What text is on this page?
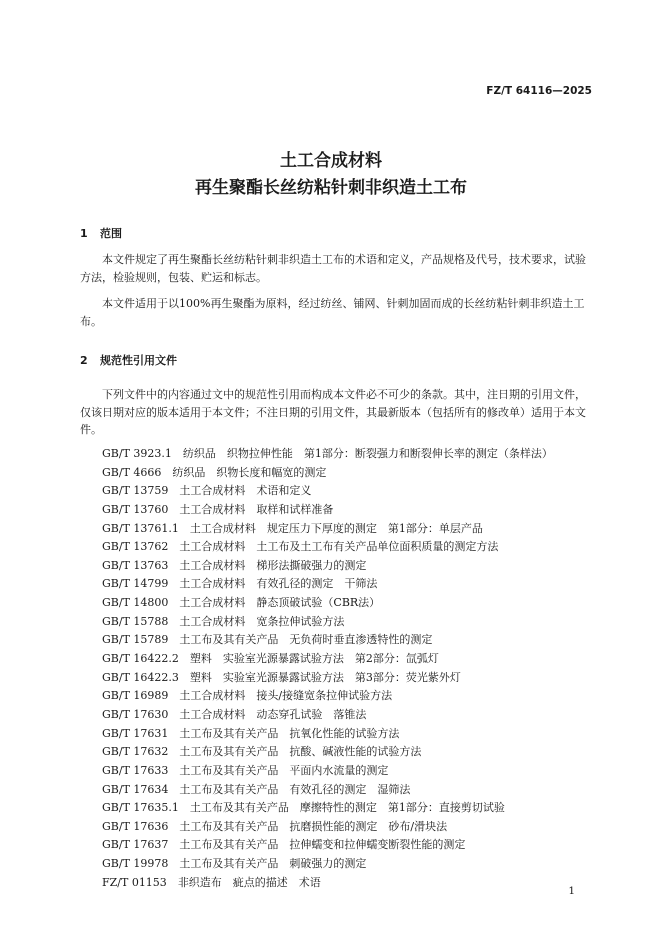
FZ/T 64116—2025
土工合成材料
再生聚酯长丝纺粘针刺非织造土工布
1 范围

本文件规定了再生聚酯长丝纺粘针刺非织造土工布的术语和定义，产品规格及代号，技术要求，试验方法，检验规则，包装、贮运和标志。

本文件适用于以100%再生聚酯为原料，经过纺丝、铺网、针刺加固而成的长丝纺粘针刺非织造土工布。

2 规范性引用文件

下列文件中的内容通过文中的规范性引用而构成本文件必不可少的条款。其中，注日期的引用文件，仅该日期对应的版本适用于本文件；不注日期的引用文件，其最新版本（包括所有的修改单）适用于本文件。

GB/T 3923.1　 纺织品　织物拉伸性能　第1部分：断裂强力和断裂伸长率的测定（条样法）
GB/T 4666　 纺织品　织物长度和幅宽的测定
GB/T 13759　 土工合成材料　术语和定义
GB/T 13760　 土工合成材料　取样和试样准备
GB/T 13761.1　 土工合成材料　规定压力下厚度的测定　第1部分：单层产品
GB/T 13762　 土工合成材料　土工布及土工布有关产品单位面积质量的测定方法
GB/T 13763　 土工合成材料　梯形法撕破强力的测定
GB/T 14799　 土工合成材料　有效孔径的测定　干筛法
GB/T 14800　 土工合成材料　静态顶破试验（CBR法）
GB/T 15788　 土工合成材料　宽条拉伸试验方法
GB/T 15789　 土工布及其有关产品　无负荷时垂直渗透特性的测定
GB/T 16422.2　 塑料　实验室光源暴露试验方法　第2部分：氙弧灯
GB/T 16422.3　 塑料　实验室光源暴露试验方法　第3部分：荧光紫外灯
GB/T 16989　 土工合成材料　接头/接缝宽条拉伸试验方法
GB/T 17630　 土工合成材料　动态穿孔试验　落锥法
GB/T 17631　 土工布及其有关产品　抗氧化性能的试验方法
GB/T 17632　 土工布及其有关产品　抗酸、碱液性能的试验方法
GB/T 17633　 土工布及其有关产品　平面内水流量的测定
GB/T 17634　 土工布及其有关产品　有效孔径的测定　湿筛法
GB/T 17635.1　 土工布及其有关产品　摩擦特性的测定　第1部分：直接剪切试验
GB/T 17636　 土工布及其有关产品　抗磨损性能的测定　砂布/滑块法
GB/T 17637　 土工布及其有关产品　拉伸蠕变和拉伸蠕变断裂性能的测定
GB/T 19978　 土工布及其有关产品　刺破强力的测定
FZ/T 01153　 非织造布　疵点的描述　术语
1
